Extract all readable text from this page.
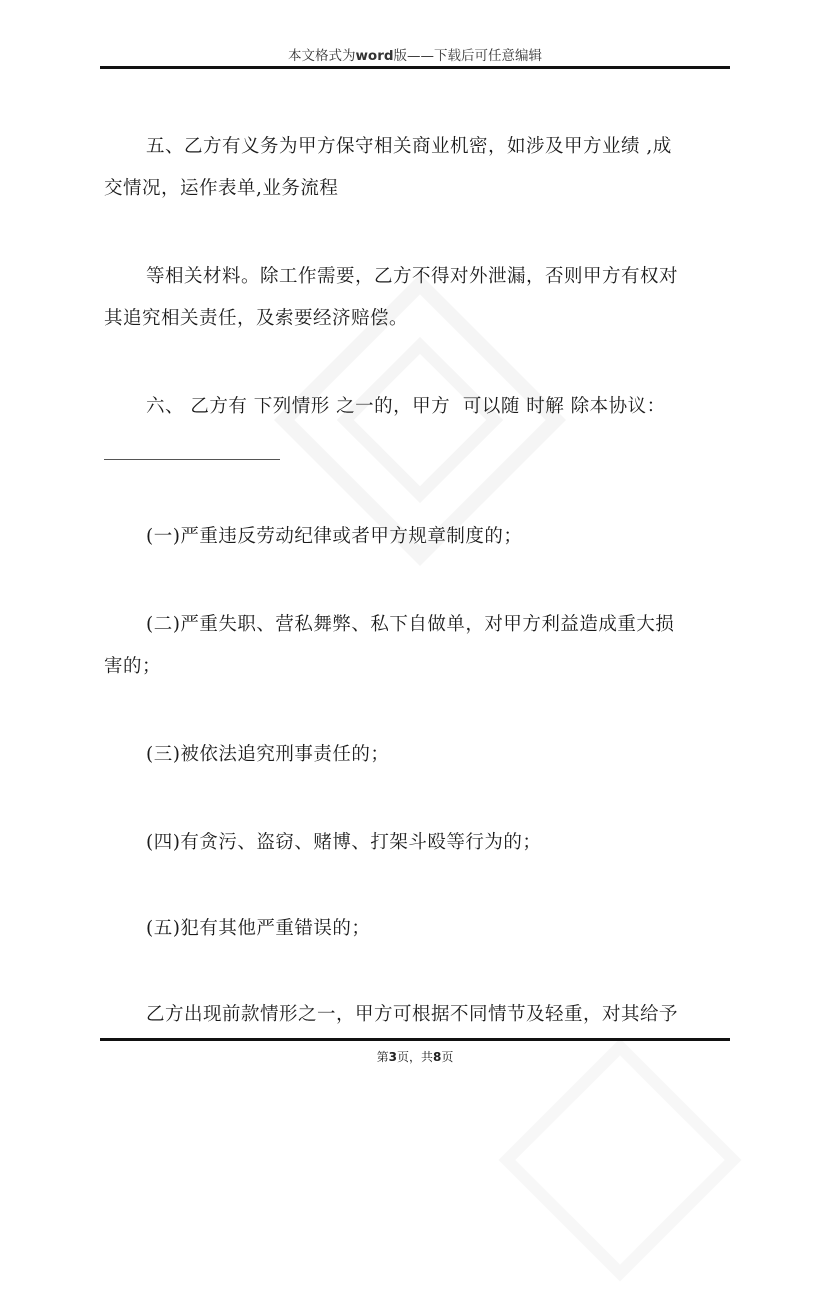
本文格式为word版——下载后可任意编辑
五、乙方有义务为甲方保守相关商业机密，如涉及甲方业绩 ,成
交情况，运作表单,业务流程
等相关材料。除工作需要，乙方不得对外泄漏，否则甲方有权对
其追究相关责任，及索要经济赔偿。
六、 乙方有 下列情形 之一的，甲方  可以随 时解 除本协议：
(一)严重违反劳动纪律或者甲方规章制度的；
(二)严重失职、营私舞弊、私下自做单，对甲方利益造成重大损
害的；
(三)被依法追究刑事责任的；
(四)有贪污、盗窃、赌博、打架斗殴等行为的；
(五)犯有其他严重错误的；
乙方出现前款情形之一，甲方可根据不同情节及轻重，对其给予
第3页，共8页
